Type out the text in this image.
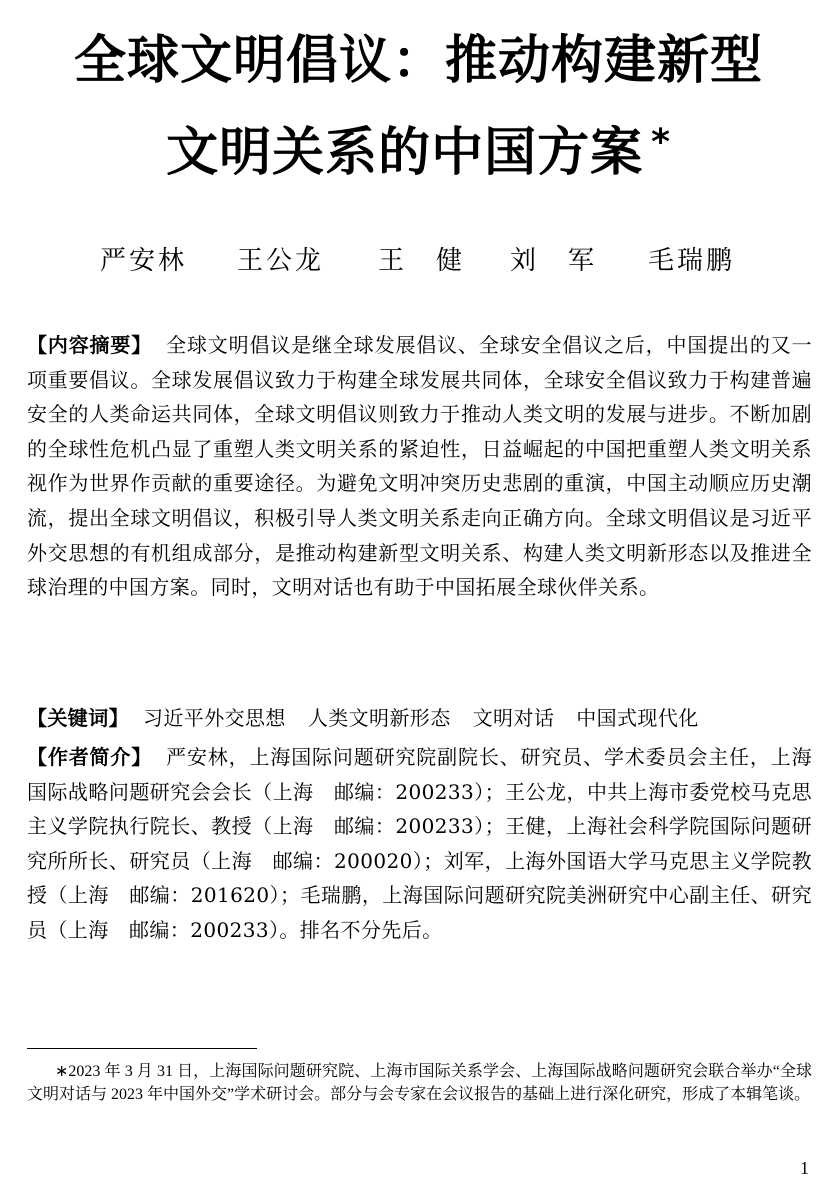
全球文明倡议：推动构建新型
文明关系的中国方案 *
严安林 王公龙 王　健 刘　军 毛瑞鹏
【内容摘要】 全球文明倡议是继全球发展倡议、全球安全倡议之后，中国提出的又一项重要倡议。全球发展倡议致力于构建全球发展共同体，全球安全倡议致力于构建普遍安全的人类命运共同体，全球文明倡议则致力于推动人类文明的发展与进步。不断加剧的全球性危机凸显了重塑人类文明关系的紧迫性，日益崛起的中国把重塑人类文明关系视作为世界作贡献的重要途径。为避免文明冲突历史悲剧的重演，中国主动顺应历史潮流，提出全球文明倡议，积极引导人类文明关系走向正确方向。全球文明倡议是习近平外交思想的有机组成部分，是推动构建新型文明关系、构建人类文明新形态以及推进全球治理的中国方案。同时，文明对话也有助于中国拓展全球伙伴关系。
【关键词】 习近平外交思想 人类文明新形态 文明对话 中国式现代化
【作者简介】 严安林，上海国际问题研究院副院长、研究员、学术委员会主任，上海国际战略问题研究会会长（上海　邮编：200233）；王公龙，中共上海市委党校马克思主义学院执行院长、教授（上海　邮编：200233）；王健，上海社会科学院国际问题研究所所长、研究员（上海　邮编：200020）；刘军，上海外国语大学马克思主义学院教授（上海　邮编：201620）；毛瑞鹏，上海国际问题研究院美洲研究中心副主任、研究员（上海　邮编：200233）。排名不分先后。
∗2023 年 3 月 31 日，上海国际问题研究院、上海市国际关系学会、上海国际战略问题研究会联合举办“全球文明对话与 2023 年中国外交”学术研讨会。部分与会专家在会议报告的基础上进行深化研究，形成了本辑笔谈。
1
